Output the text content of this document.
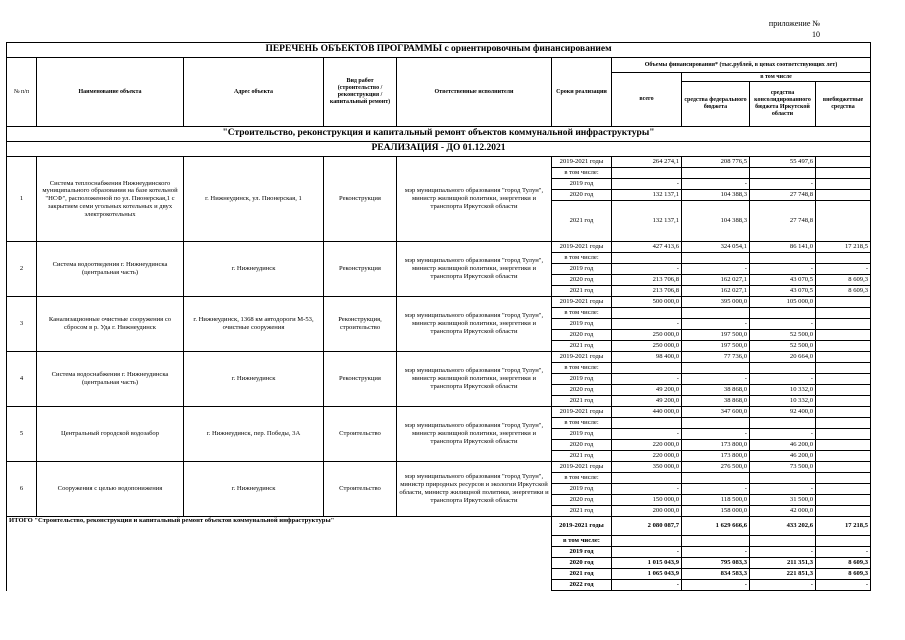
приложение №
10
ПЕРЕЧЕНЬ ОБЪЕКТОВ ПРОГРАММЫ с ориентировочным финансированием									
№ п/п	Наименование объекта	Адрес объекта	Вид работ (строительство /реконструкция /капитальный ремонт)	Ответственные исполнители	Сроки реализации	Объемы финансирования* (тыс.рублей, в ценах соответствующих лет)			
						всего	в том числе		
							средства федерального бюджета	средства консолидированного бюджета Иркутской области	внебюджетные средства
"Строительство, реконструкция и капитальный ремонт объектов коммунальной инфраструктуры"									
РЕАЛИЗАЦИЯ - ДО 01.12.2021									
1	Система теплоснабжения Нижнеудинского муниципального образования на базе котельной "НСФ", расположенной по ул. Пионерская,1 с закрытием семи угольных котельных и двух электрокотельных	г. Нижнеудинск, ул. Пионерская, 1	Реконструкция	мэр муниципального образования "город Тулун", министр жилищной политики, энергетики и транспорта Иркутской области	2019-2021 годы	264 274,1	208 776,5	55 497,6	
					в том числе:				
					2019 год	-	-	-	
					2020 год	132 137,1	104 388,3	27 748,8	
					2021 год	132 137,1	104 388,3	27 748,8	
2	Система водоотведения г. Нижнеудинска (центральная часть)	г. Нижнеудинск	Реконструкция	мэр муниципального образования "город Тулун", министр жилищной политики, энергетики и транспорта Иркутской области	2019-2021 годы	427 413,6	324 054,1	86 141,0	17 218,5
					в том числе:				
					2019 год	-	-	-	-
					2020 год	213 706,8	162 027,1	43 070,5	8 609,3
					2021 год	213 706,8	162 027,1	43 070,5	8 609,3
3	Канализационные очистные сооружения со сбросом в р. Уда г. Нижнеудинск	г. Нижнеудинск, 1368 км автодороги М-53, очистные сооружения	Реконструкция, строительство	мэр муниципального образования "город Тулун", министр жилищной политики, энергетики и транспорта Иркутской области	2019-2021 годы	500 000,0	395 000,0	105 000,0	
					в том числе:				
					2019 год	-	-	-	
					2020 год	250 000,0	197 500,0	52 500,0	
					2021 год	250 000,0	197 500,0	52 500,0	
4	Система водоснабжения г. Нижнеудинска (центральная часть)	г. Нижнеудинск	Реконструкция	мэр муниципального образования "город Тулун", министр жилищной политики, энергетики и транспорта Иркутской области	2019-2021 годы	98 400,0	77 736,0	20 664,0	
					в том числе:				
					2019 год	-	-	-	
					2020 год	49 200,0	38 868,0	10 332,0	
					2021 год	49 200,0	38 868,0	10 332,0	
5	Центральный городской водозабор	г. Нижнеудинск, пер. Победы, 3А	Строительство	мэр муниципального образования "город Тулун", министр жилищной политики, энергетики и транспорта Иркутской области	2019-2021 годы	440 000,0	347 600,0	92 400,0	
					в том числе:				
					2019 год	-	-	-	
					2020 год	220 000,0	173 800,0	46 200,0	
					2021 год	220 000,0	173 800,0	46 200,0	
6	Сооружения с целью водопонижения	г. Нижнеудинск	Строительство	мэр муниципального образования "город Тулун", министр природных ресурсов и экологии Иркутской области, министр жилищной политики, энергетики и транспорта Иркутской области	2019-2021 годы	350 000,0	276 500,0	73 500,0	
					в том числе:				
					2019 год	-	-	-	
					2020 год	150 000,0	118 500,0	31 500,0	
					2021 год	200 000,0	158 000,0	42 000,0	
ИТОГО "Строительство, реконструкция и капитальный ремонт объектов коммунальной инфраструктуры"					2019-2021 годы	2 080 087,7	1 629 666,6	433 202,6	17 218,5
					в том числе:				
					2019 год	-	-	-	-
					2020 год	1 015 043,9	795 083,3	211 351,3	8 609,3
					2021 год	1 065 043,9	834 583,3	221 851,3	8 609,3
					2022 год	-	-	-	-
